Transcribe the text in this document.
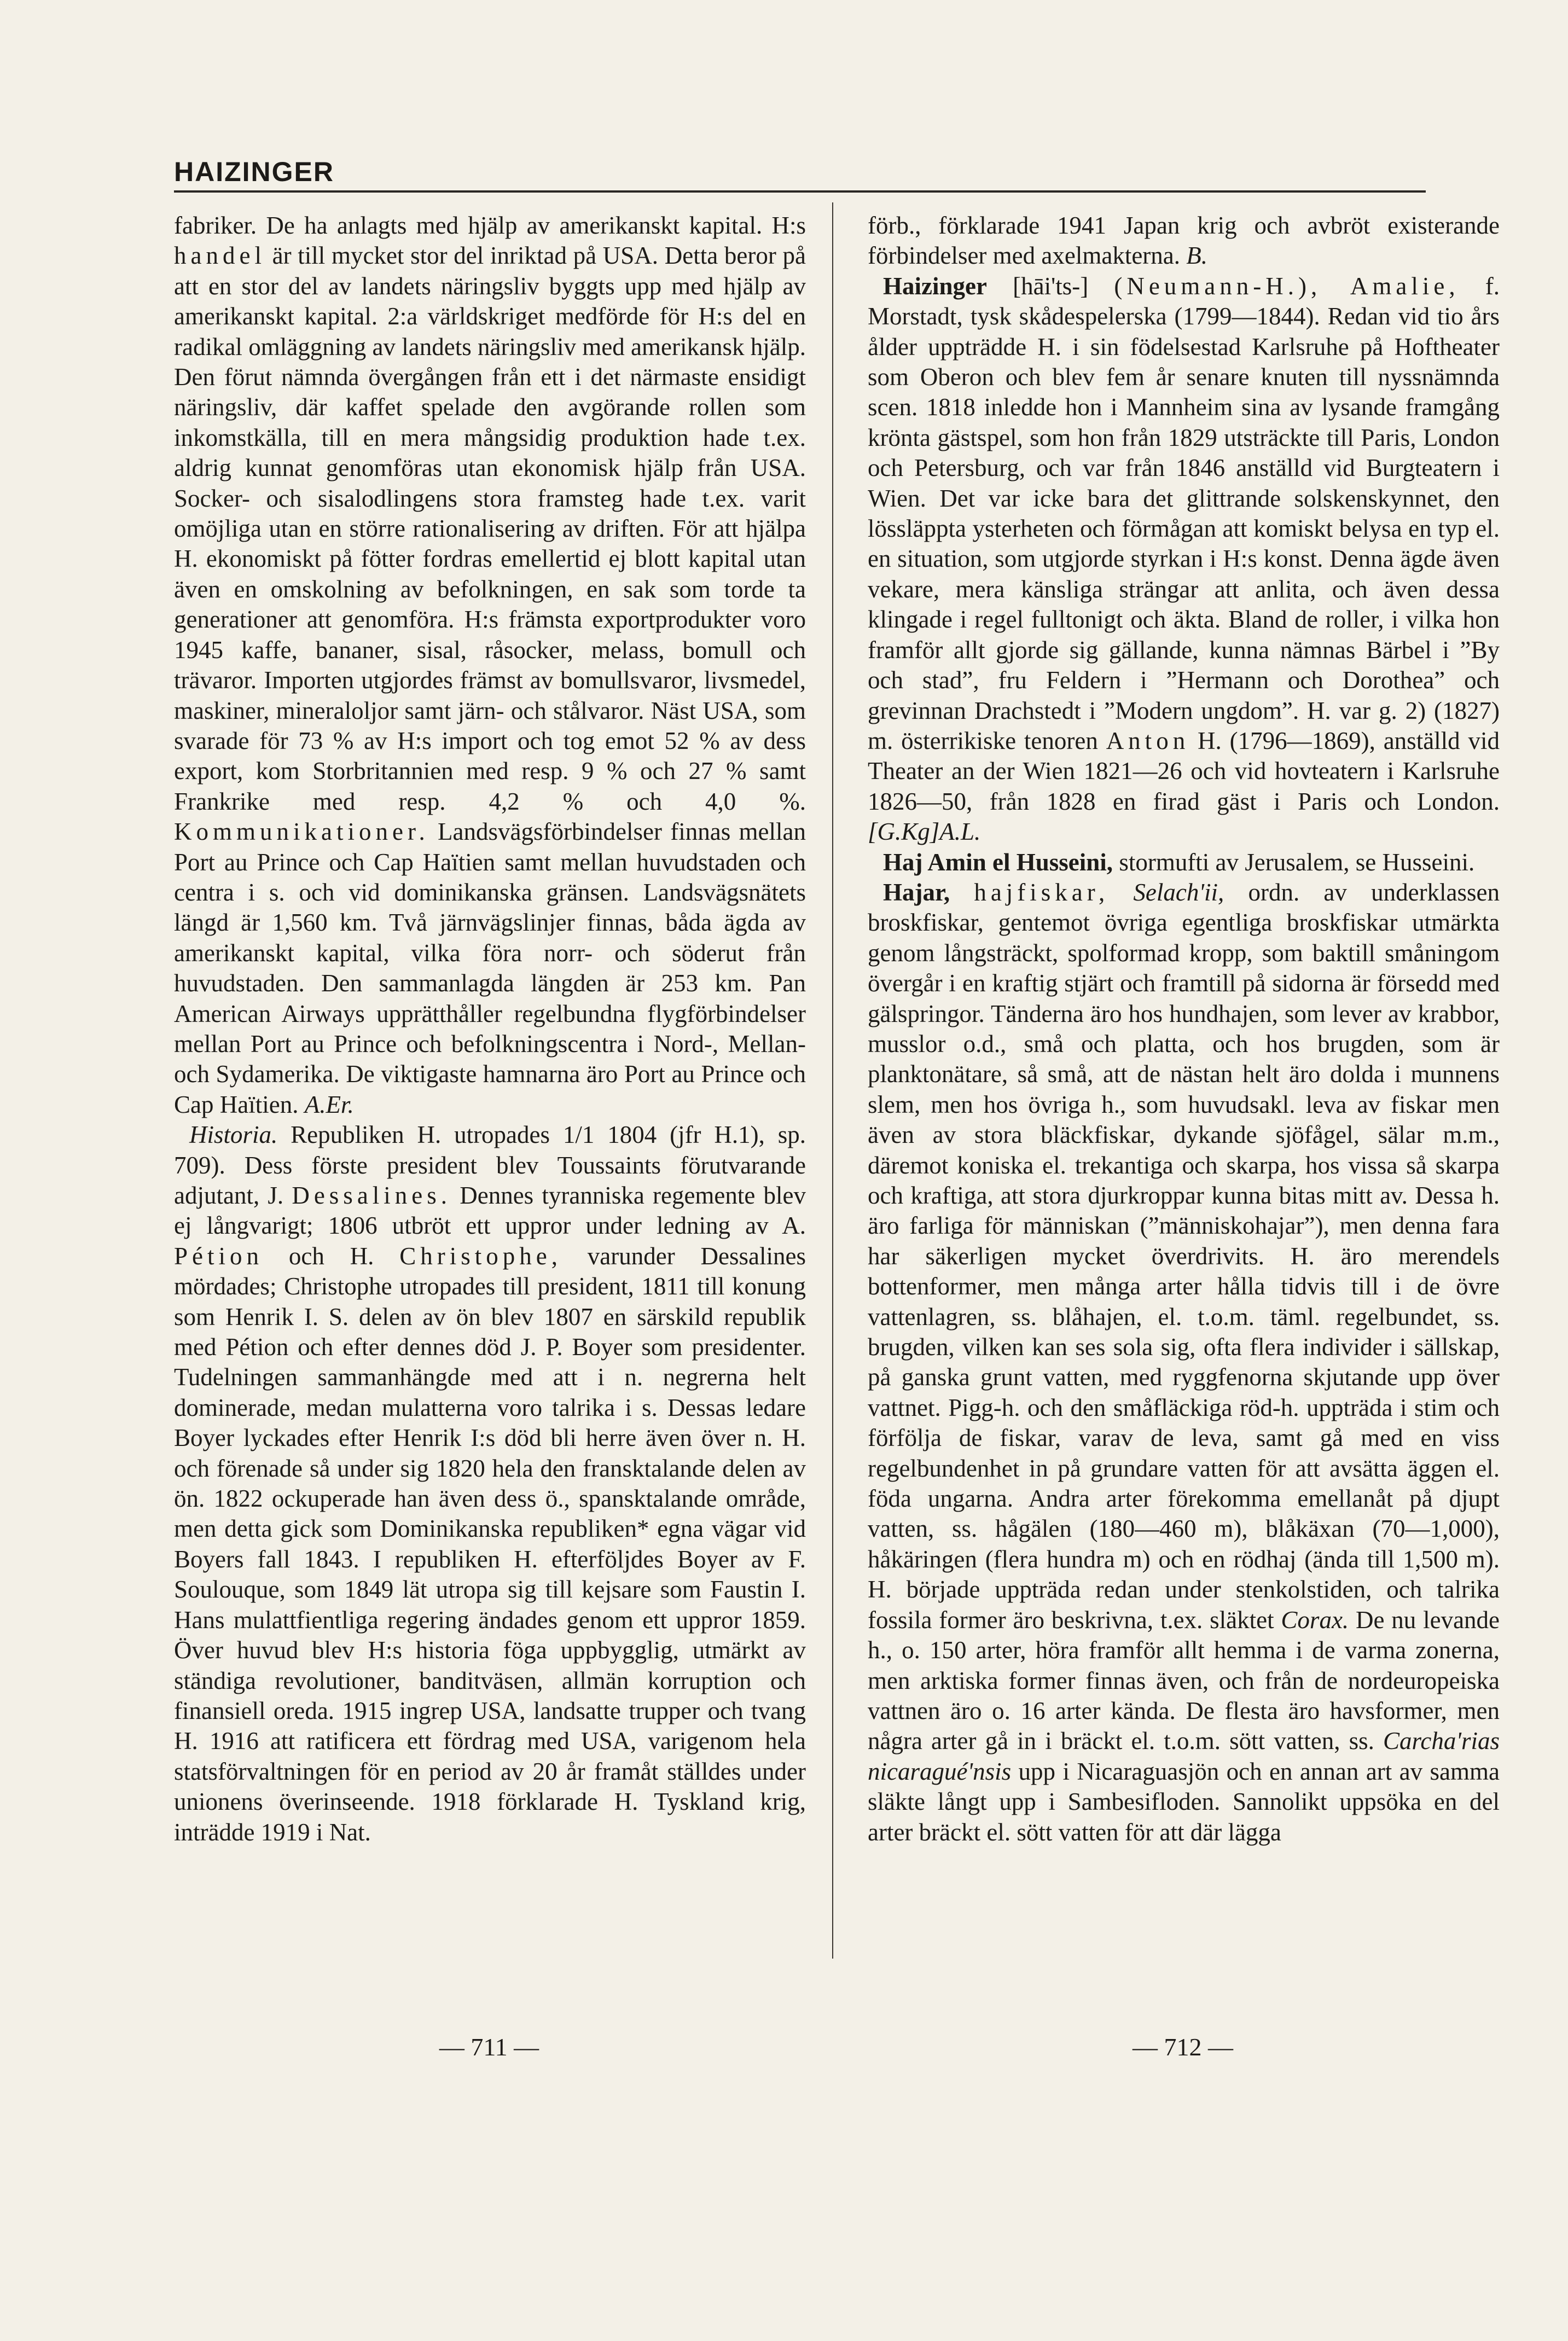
HAIZINGER

fabriker. De ha anlagts med hjälp av amerikanskt kapital. H:s handel är till mycket stor del inriktad på USA. Detta beror på att en stor del av landets näringsliv byggts upp med hjälp av amerikanskt kapital. 2:a världskriget medförde för H:s del en radikal omläggning av landets näringsliv med amerikansk hjälp. Den förut nämnda övergången från ett i det närmaste ensidigt näringsliv, där kaffet spelade den avgörande rollen som inkomstkälla, till en mera mångsidig produktion hade t.ex. aldrig kunnat genomföras utan ekonomisk hjälp från USA. Socker- och sisalodlingens stora framsteg hade t.ex. varit omöjliga utan en större rationalisering av driften. För att hjälpa H. ekonomiskt på fötter fordras emellertid ej blott kapital utan även en omskolning av befolkningen, en sak som torde ta generationer att genomföra. H:s främsta exportprodukter voro 1945 kaffe, bananer, sisal, råsocker, melass, bomull och trävaror. Importen utgjordes främst av bomullsvaror, livsmedel, maskiner, mineraloljor samt järn- och stålvaror. Näst USA, som svarade för 73 % av H:s import och tog emot 52 % av dess export, kom Storbritannien med resp. 9 % och 27 % samt Frankrike med resp. 4,2 % och 4,0 %. Kommunikationer. Landsvägsförbindelser finnas mellan Port au Prince och Cap Haïtien samt mellan huvudstaden och centra i s. och vid dominikanska gränsen. Landsvägsnätets längd är 1,560 km. Två järnvägslinjer finnas, båda ägda av amerikanskt kapital, vilka föra norr- och söderut från huvudstaden. Den sammanlagda längden är 253 km. Pan American Airways upprätthåller regelbundna flygförbindelser mellan Port au Prince och befolkningscentra i Nord-, Mellan- och Sydamerika. De viktigaste hamnarna äro Port au Prince och Cap Haïtien. A.Er.

Historia. Republiken H. utropades 1/1 1804 (jfr H.1), sp. 709). Dess förste president blev Toussaints förutvarande adjutant, J. Dessalines. Dennes tyranniska regemente blev ej långvarigt; 1806 utbröt ett uppror under ledning av A. Pétion och H. Christophe, varunder Dessalines mördades; Christophe utropades till president, 1811 till konung som Henrik I. S. delen av ön blev 1807 en särskild republik med Pétion och efter dennes död J. P. Boyer som presidenter. Tudelningen sammanhängde med att i n. negrerna helt dominerade, medan mulatterna voro talrika i s. Dessas ledare Boyer lyckades efter Henrik I:s död bli herre även över n. H. och förenade så under sig 1820 hela den fransktalande delen av ön. 1822 ockuperade han även dess ö., spansktalande område, men detta gick som Dominikanska republiken* egna vägar vid Boyers fall 1843. I republiken H. efterföljdes Boyer av F. Soulouque, som 1849 lät utropa sig till kejsare som Faustin I. Hans mulattfientliga regering ändades genom ett uppror 1859. Över huvud blev H:s historia föga uppbygglig, utmärkt av ständiga revolutioner, banditväsen, allmän korruption och finansiell oreda. 1915 ingrep USA, landsatte trupper och tvang H. 1916 att ratificera ett fördrag med USA, varigenom hela statsförvaltningen för en period av 20 år framåt ställdes under unionens överinseende. 1918 förklarade H. Tyskland krig, inträdde 1919 i Nat.

förb., förklarade 1941 Japan krig och avbröt existerande förbindelser med axelmakterna. B.

Haizinger [hāi'ts-] (Neumann-H.), Amalie, f. Morstadt, tysk skådespelerska (1799—1844). Redan vid tio års ålder uppträdde H. i sin födelsestad Karlsruhe på Hoftheater som Oberon och blev fem år senare knuten till nyssnämnda scen. 1818 inledde hon i Mannheim sina av lysande framgång krönta gästspel, som hon från 1829 utsträckte till Paris, London och Petersburg, och var från 1846 anställd vid Burgteatern i Wien. Det var icke bara det glittrande solskenskynnet, den lössläppta ysterheten och förmågan att komiskt belysa en typ el. en situation, som utgjorde styrkan i H:s konst. Denna ägde även vekare, mera känsliga strängar att anlita, och även dessa klingade i regel fulltonigt och äkta. Bland de roller, i vilka hon framför allt gjorde sig gällande, kunna nämnas Bärbel i ”By och stad”, fru Feldern i ”Hermann och Dorothea” och grevinnan Drachstedt i ”Modern ungdom”. H. var g. 2) (1827) m. österrikiske tenoren Anton H. (1796—1869), anställd vid Theater an der Wien 1821—26 och vid hovteatern i Karlsruhe 1826—50, från 1828 en firad gäst i Paris och London. [G.Kg]A.L.

Haj Amin el Husseini, stormufti av Jerusalem, se Husseini.

Hajar, hajfiskar, Selach'ii, ordn. av underklassen broskfiskar, gentemot övriga egentliga broskfiskar utmärkta genom långsträckt, spolformad kropp, som baktill småningom övergår i en kraftig stjärt och framtill på sidorna är försedd med gälspringor. Tänderna äro hos hundhajen, som lever av krabbor, musslor o.d., små och platta, och hos brugden, som är planktonätare, så små, att de nästan helt äro dolda i munnens slem, men hos övriga h., som huvudsakl. leva av fiskar men även av stora bläckfiskar, dykande sjöfågel, sälar m.m., däremot koniska el. trekantiga och skarpa, hos vissa så skarpa och kraftiga, att stora djurkroppar kunna bitas mitt av. Dessa h. äro farliga för människan (”människohajar”), men denna fara har säkerligen mycket överdrivits. H. äro merendels bottenformer, men många arter hålla tidvis till i de övre vattenlagren, ss. blåhajen, el. t.o.m. täml. regelbundet, ss. brugden, vilken kan ses sola sig, ofta flera individer i sällskap, på ganska grunt vatten, med ryggfenorna skjutande upp över vattnet. Pigg-h. och den småfläckiga röd-h. uppträda i stim och förfölja de fiskar, varav de leva, samt gå med en viss regelbundenhet in på grundare vatten för att avsätta äggen el. föda ungarna. Andra arter förekomma emellanåt på djupt vatten, ss. hågälen (180—460 m), blåkäxan (70—1,000), håkäringen (flera hundra m) och en rödhaj (ända till 1,500 m). H. började uppträda redan under stenkolstiden, och talrika fossila former äro beskrivna, t.ex. släktet Corax. De nu levande h., o. 150 arter, höra framför allt hemma i de varma zonerna, men arktiska former finnas även, och från de nordeuropeiska vattnen äro o. 16 arter kända. De flesta äro havsformer, men några arter gå in i bräckt el. t.o.m. sött vatten, ss. Carcha'rias nicaragué'nsis upp i Nicaraguasjön och en annan art av samma släkte långt upp i Sambesifloden. Sannolikt uppsöka en del arter bräckt el. sött vatten för att där lägga

— 711 —	— 712 —
